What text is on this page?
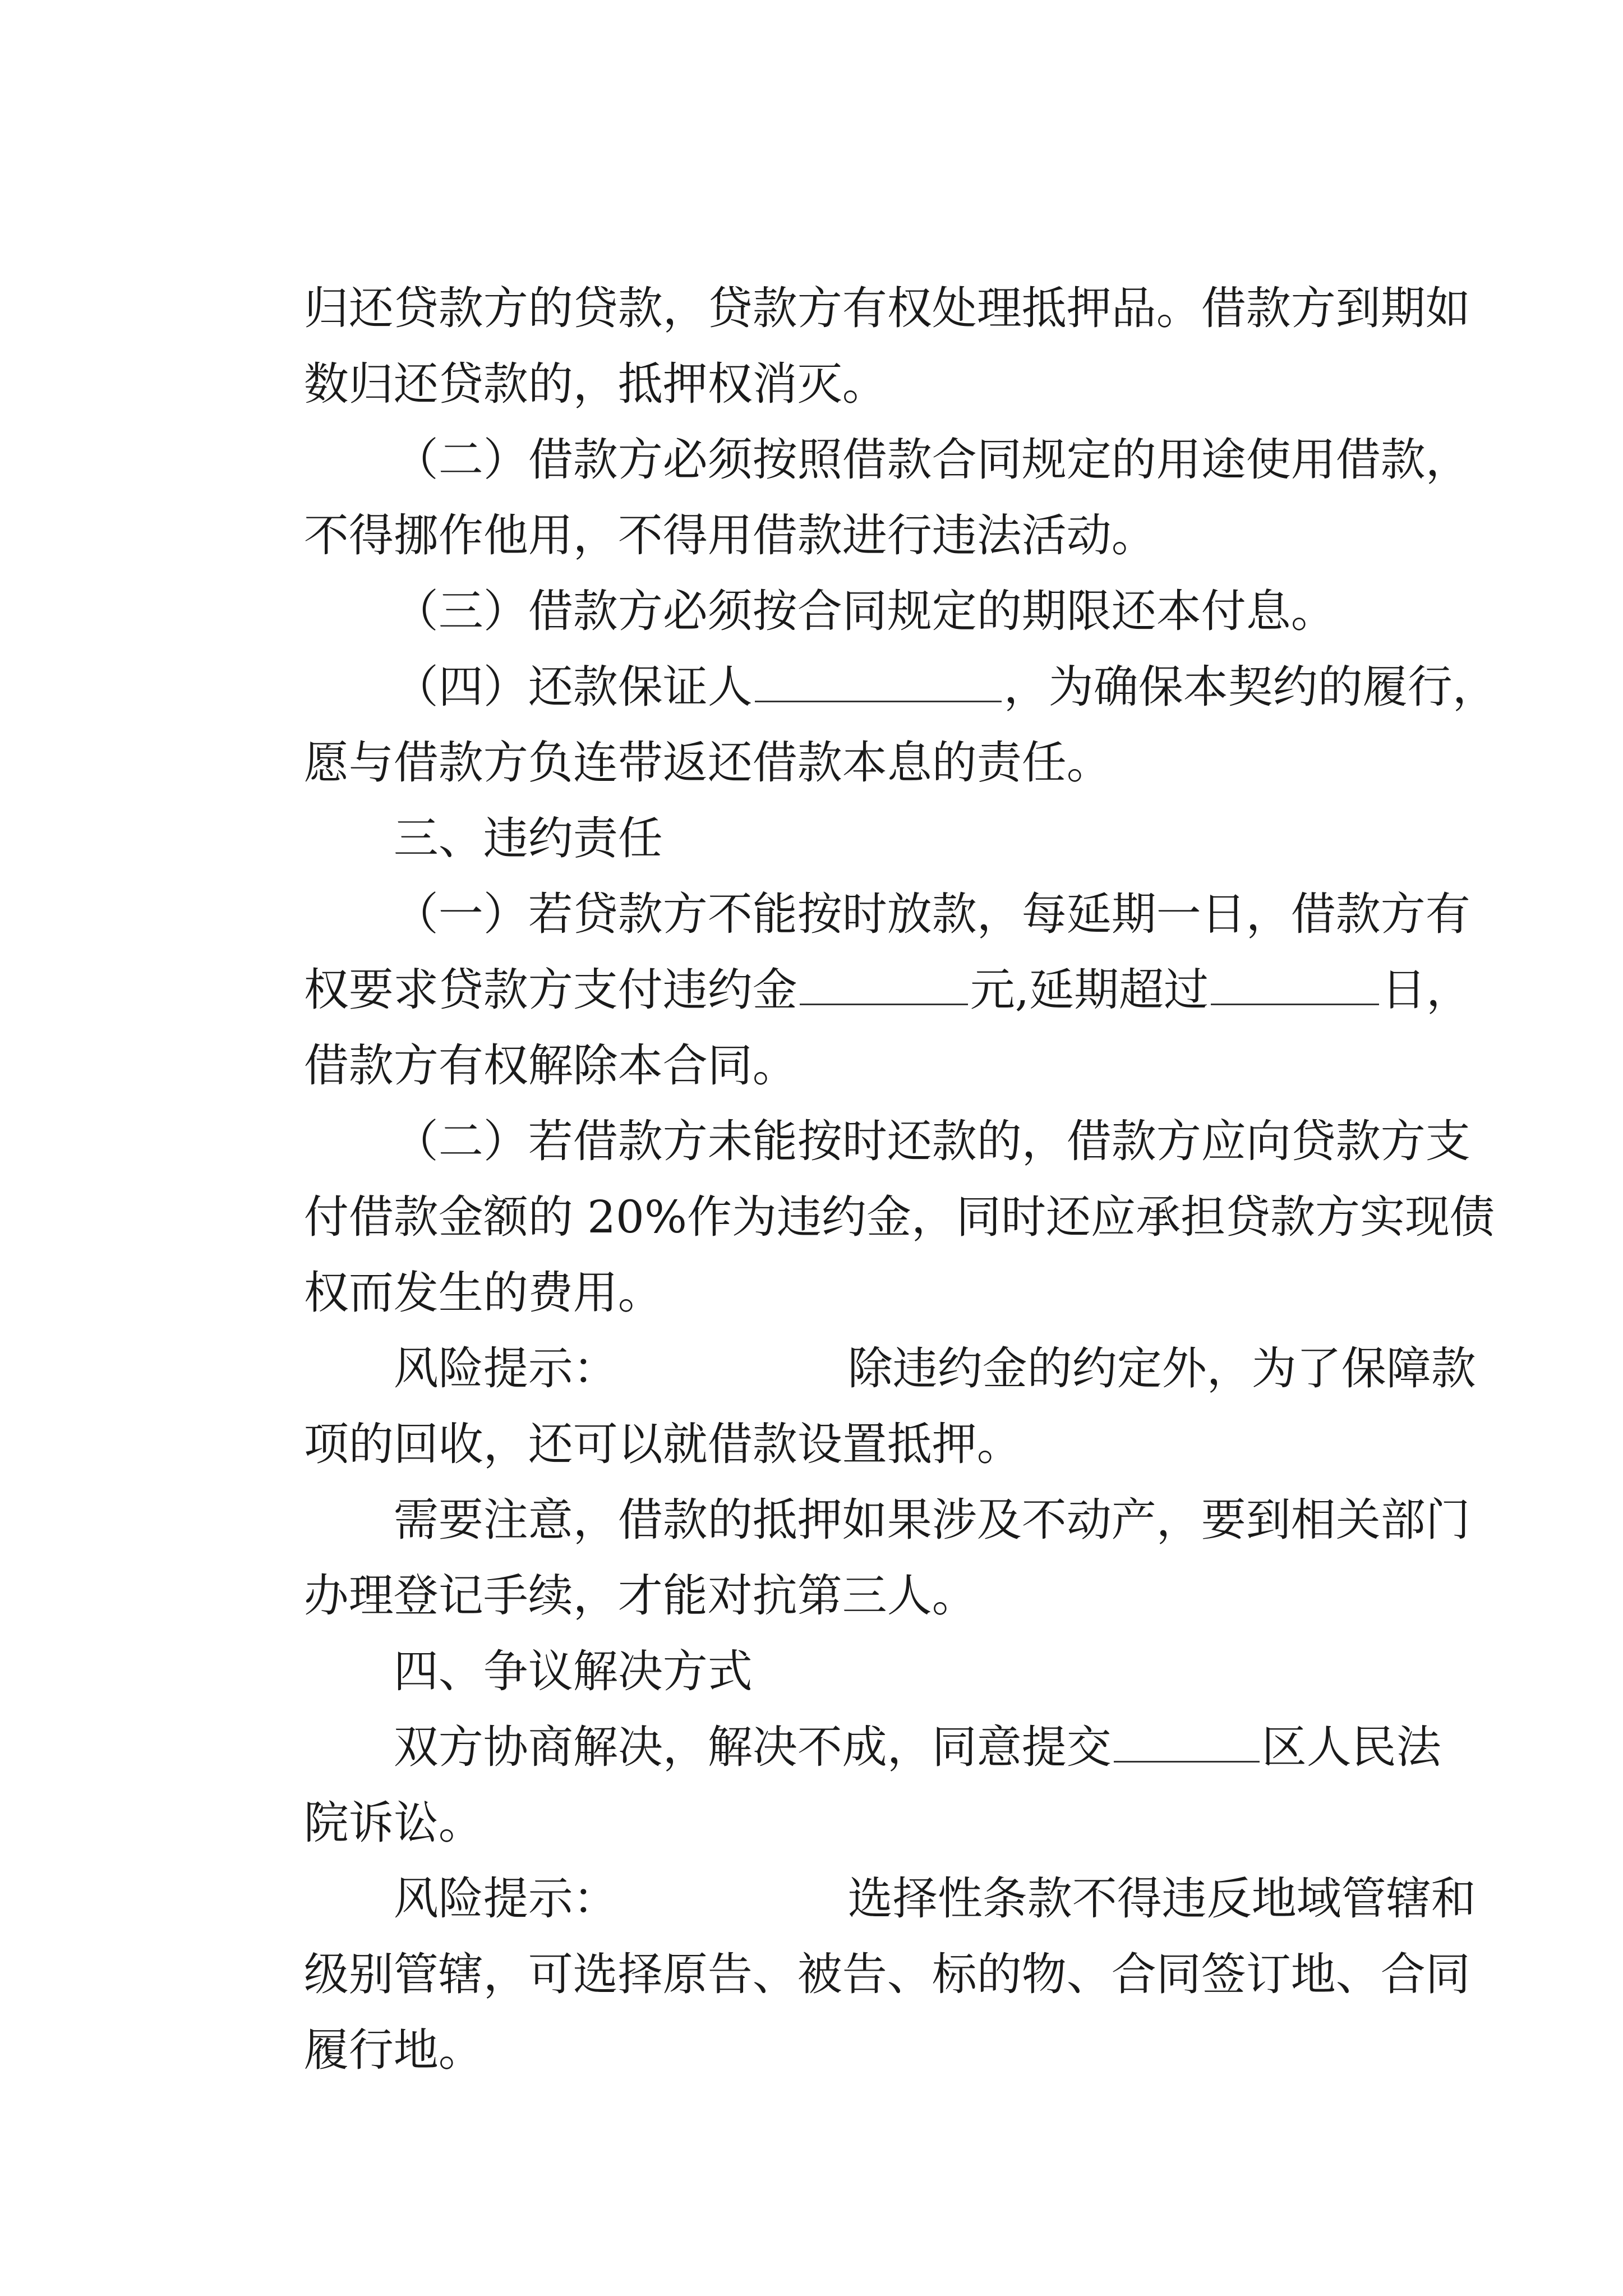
归还贷款方的贷款，贷款方有权处理抵押品。借款方到期如

数归还贷款的，抵押权消灭。

（二）借款方必须按照借款合同规定的用途使用借款，

不得挪作他用，不得用借款进行违法活动。

（三）借款方必须按合同规定的期限还本付息。

（四）还款保证人	，为确保本契约的履行，

愿与借款方负连带返还借款本息的责任。

三、违约责任

（一）若贷款方不能按时放款，每延期一日，借款方有

权要求贷款方支付违约金	元,延期超过	日，

借款方有权解除本合同。

（二）若借款方未能按时还款的，借款方应向贷款方支

付借款金额的 20%作为违约金，同时还应承担贷款方实现债

权而发生的费用。

风险提示：	除违约金的约定外，为了保障款

项的回收，还可以就借款设置抵押。

需要注意，借款的抵押如果涉及不动产，要到相关部门

办理登记手续，才能对抗第三人。

四、争议解决方式

双方协商解决，解决不成，同意提交	区人民法

院诉讼。

风险提示：	选择性条款不得违反地域管辖和

级别管辖，可选择原告、被告、标的物、合同签订地、合同

履行地。
